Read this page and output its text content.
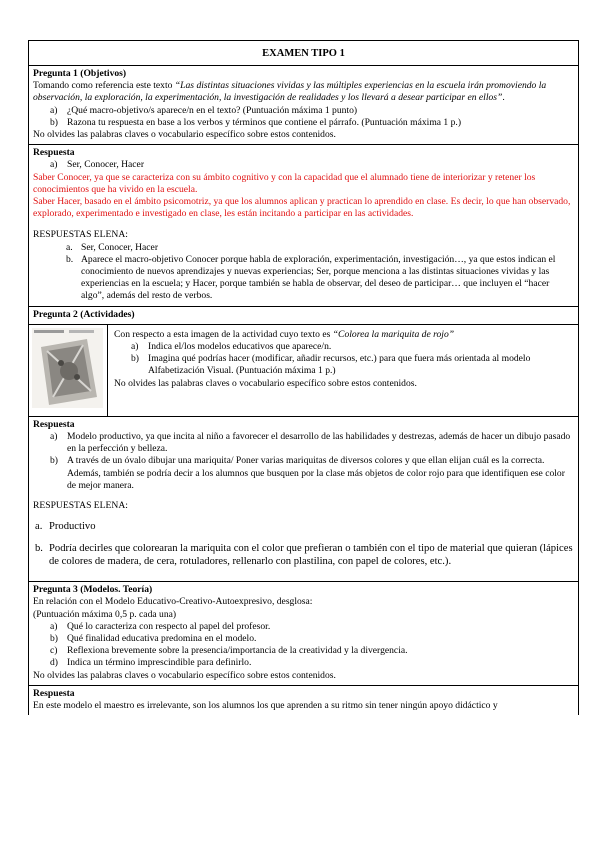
EXAMEN TIPO 1
Pregunta 1 (Objetivos)
Tomando como referencia este texto “Las distintas situaciones vividas y las múltiples experiencias en la escuela irán promoviendo la observación, la exploración, la experimentación, la investigación de realidades y los llevará a desear participar en ellos”.
a) ¿Qué macro-objetivo/s aparece/n en el texto? (Puntuación máxima 1 punto)
b) Razona tu respuesta en base a los verbos y términos que contiene el párrafo. (Puntuación máxima 1 p.)
No olvides las palabras claves o vocabulario específico sobre estos contenidos.
Respuesta
a) Ser, Conocer, Hacer
Saber Conocer, ya que se caracteriza con su ámbito cognitivo y con la capacidad que el alumnado tiene de interiorizar y retener los conocimientos que ha vivido en la escuela.
Saber Hacer, basado en el ámbito psicomotriz, ya que los alumnos aplican y practican lo aprendido en clase. Es decir, lo que han observado, explorado, experimentado e investigado en clase, les están incitando a participar en las actividades.
RESPUESTAS ELENA:
a. Ser, Conocer, Hacer
b. Aparece el macro-objetivo Conocer porque habla de exploración, experimentación, investigación…, ya que estos indican el conocimiento de nuevos aprendizajes y nuevas experiencias; Ser, porque menciona a las distintas situaciones vividas y las experiencias en la escuela; y Hacer, porque también se habla de observar, del deseo de participar… que incluyen el “hacer algo”, además del resto de verbos.
Pregunta 2 (Actividades)
Con respecto a esta imagen de la actividad cuyo texto es “Colorea la mariquita de rojo”
a) Indica el/los modelos educativos que aparece/n.
b) Imagina qué podrías hacer (modificar, añadir recursos, etc.) para que fuera más orientada al modelo Alfabetización Visual. (Puntuación máxima 1 p.)
No olvides las palabras claves o vocabulario específico sobre estos contenidos.
Respuesta
a) Modelo productivo, ya que incita al niño a favorecer el desarrollo de las habilidades y destrezas, además de hacer un dibujo pasado en la perfección y belleza.
b) A través de un óvalo dibujar una mariquita/ Poner varias mariquitas de diversos colores y que ellan elijan cuál es la correcta. Además, también se podría decir a los alumnos que busquen por la clase más objetos de color rojo para que identifiquen ese color de mejor manera.
RESPUESTAS ELENA:
a. Productivo
b. Podría decirles que colorearan la mariquita con el color que prefieran o también con el tipo de material que quieran (lápices de colores de madera, de cera, rotuladores, rellenarlo con plastilina, con papel de colores, etc.).
Pregunta 3 (Modelos. Teoría)
En relación con el Modelo Educativo-Creativo-Autoexpresivo, desglosa:
(Puntuación máxima 0,5 p. cada una)
a) Qué lo caracteriza con respecto al papel del profesor.
b) Qué finalidad educativa predomina en el modelo.
c) Reflexiona brevemente sobre la presencia/importancia de la creatividad y la divergencia.
d) Indica un término imprescindible para definirlo.
No olvides las palabras claves o vocabulario específico sobre estos contenidos.
Respuesta
En este modelo el maestro es irrelevante, son los alumnos los que aprenden a su ritmo sin tener ningún apoyo didáctico y
